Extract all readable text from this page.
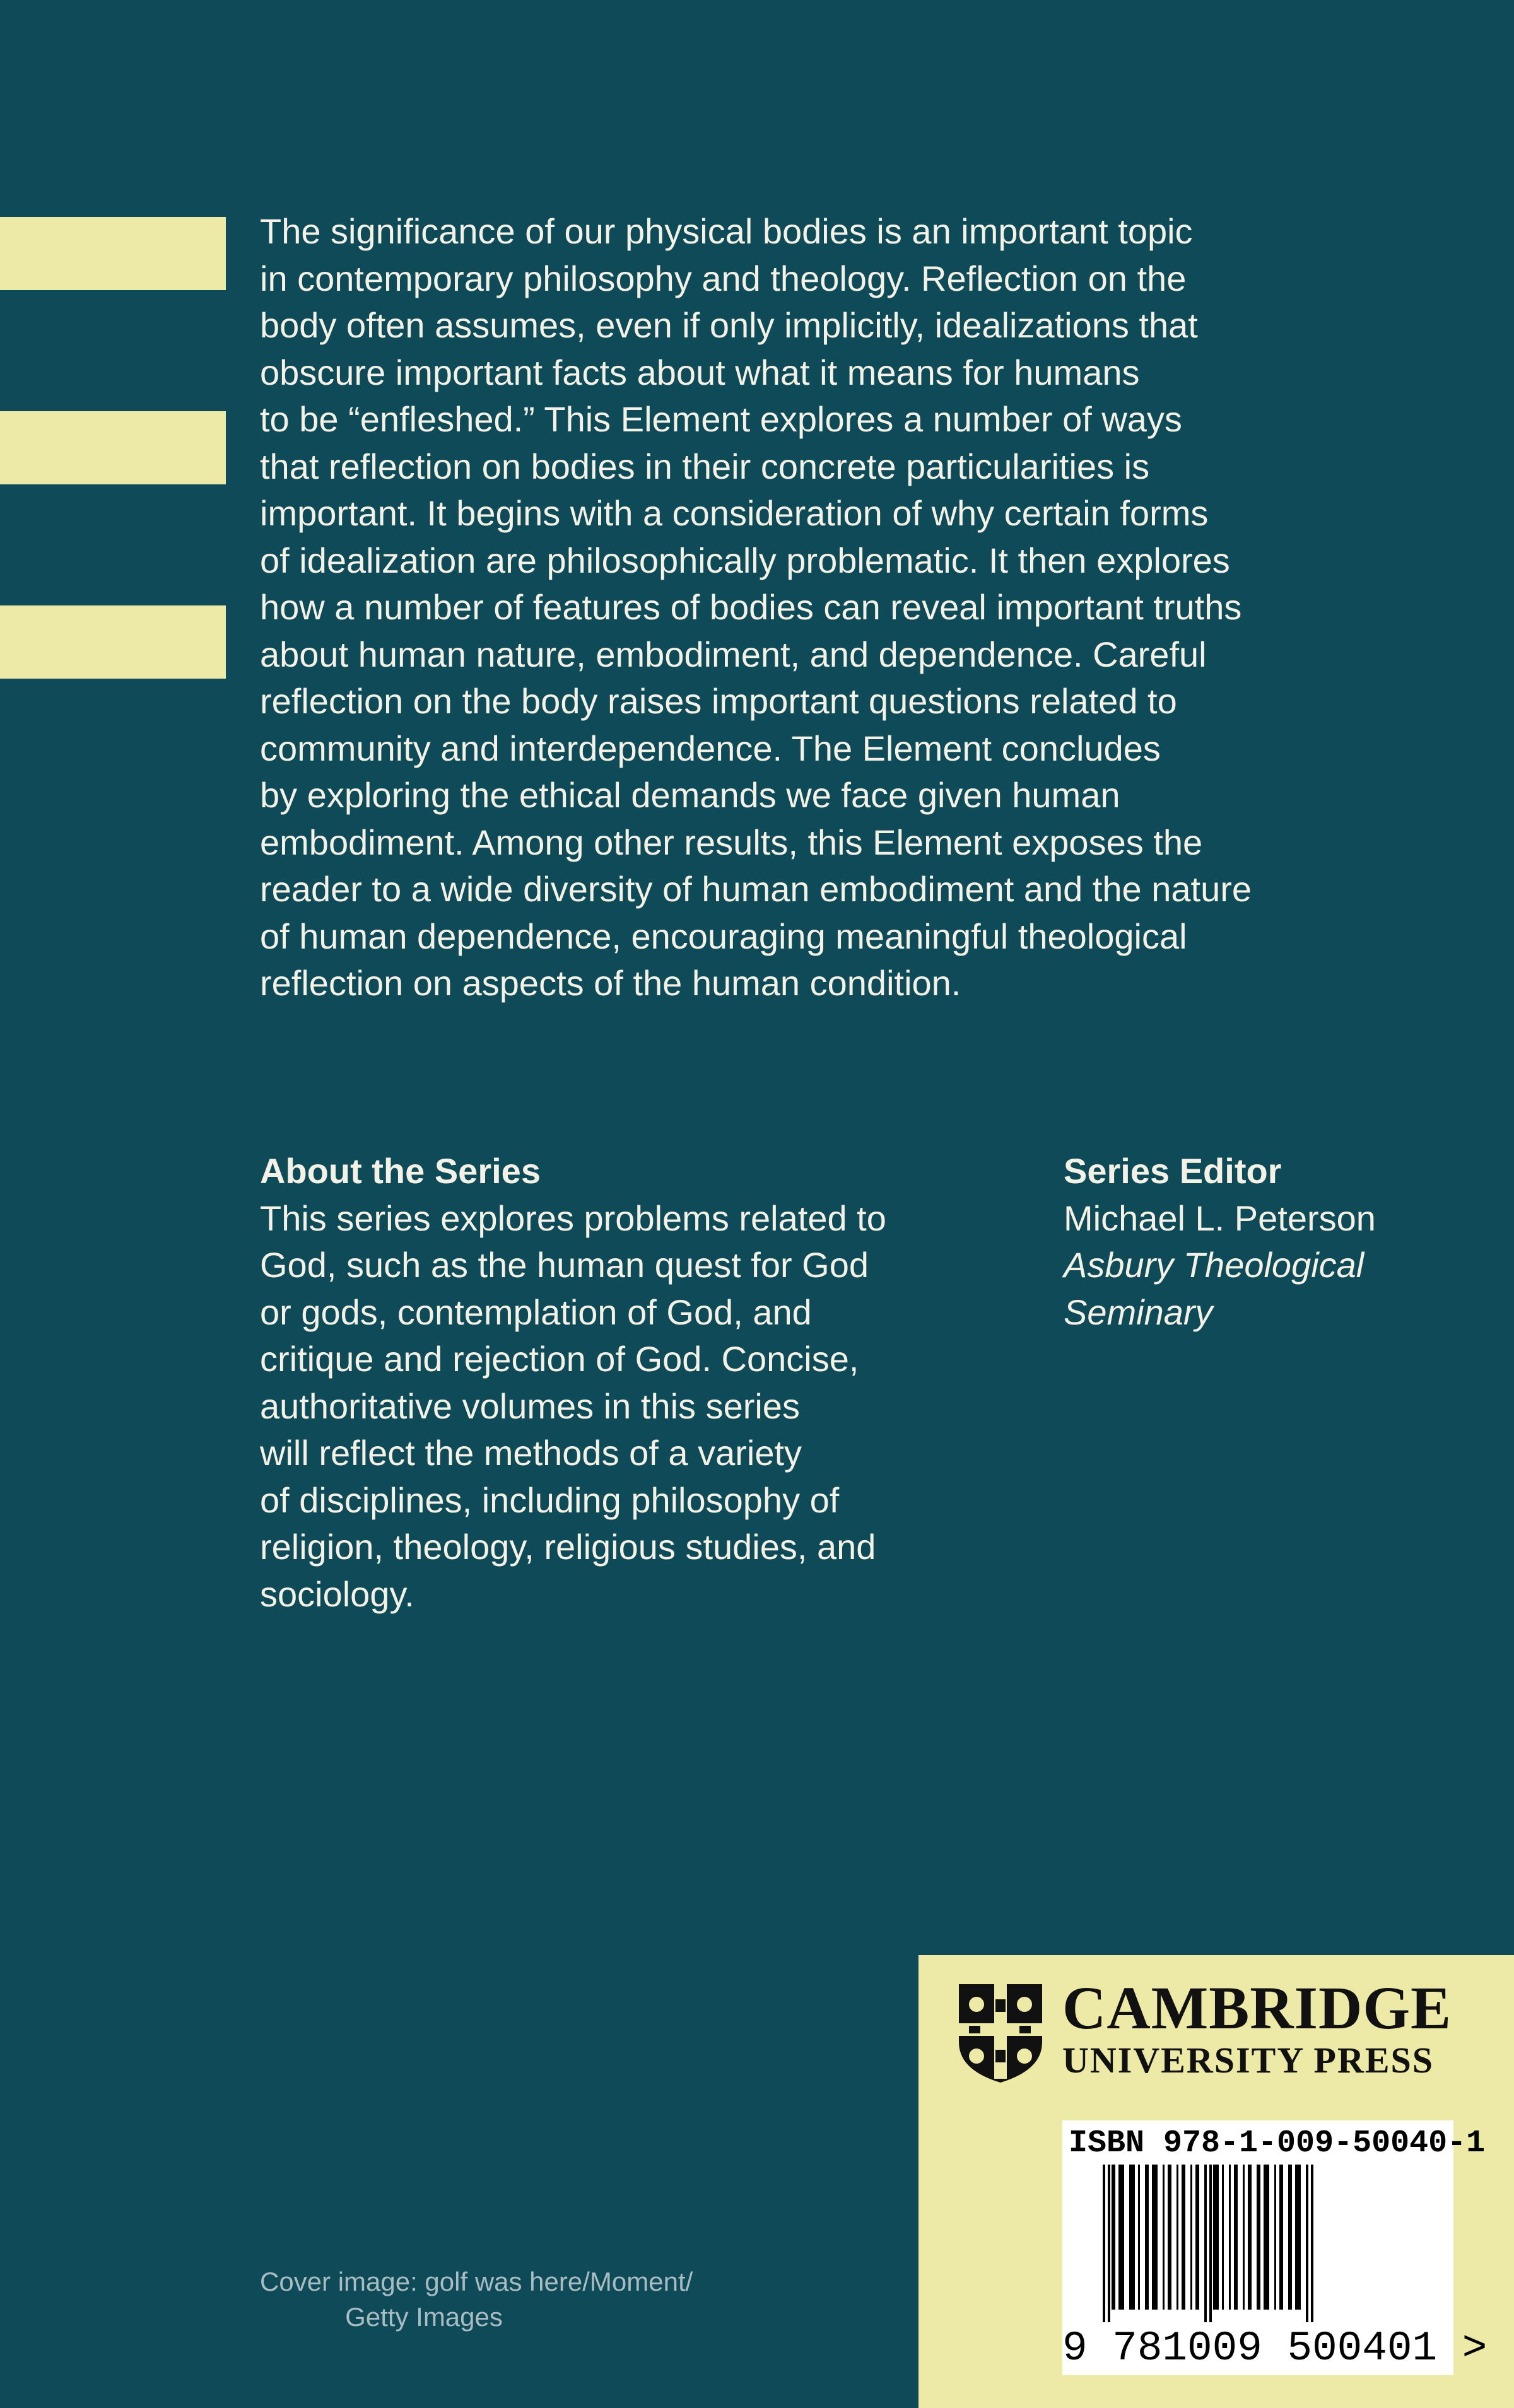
The significance of our physical bodies is an important topic
in contemporary philosophy and theology. Reflection on the
body often assumes, even if only implicitly, idealizations that
obscure important facts about what it means for humans
to be “enfleshed.” This Element explores a number of ways
that reflection on bodies in their concrete particularities is
important. It begins with a consideration of why certain forms
of idealization are philosophically problematic. It then explores
how a number of features of bodies can reveal important truths
about human nature, embodiment, and dependence. Careful
reflection on the body raises important questions related to
community and interdependence. The Element concludes
by exploring the ethical demands we face given human
embodiment. Among other results, this Element exposes the
reader to a wide diversity of human embodiment and the nature
of human dependence, encouraging meaningful theological
reflection on aspects of the human condition.
About the Series
This series explores problems related to
God, such as the human quest for God
or gods, contemplation of God, and
critique and rejection of God. Concise,
authoritative volumes in this series
will reflect the methods of a variety
of disciplines, including philosophy of
religion, theology, religious studies, and
sociology.
Series Editor
Michael L. Peterson
Asbury Theological
Seminary
Cover image: golf was here/Moment/
Getty Images
CAMBRIDGE
UNIVERSITY PRESS
ISBN 978-1-009-50040-1
9 781009 500401 >
